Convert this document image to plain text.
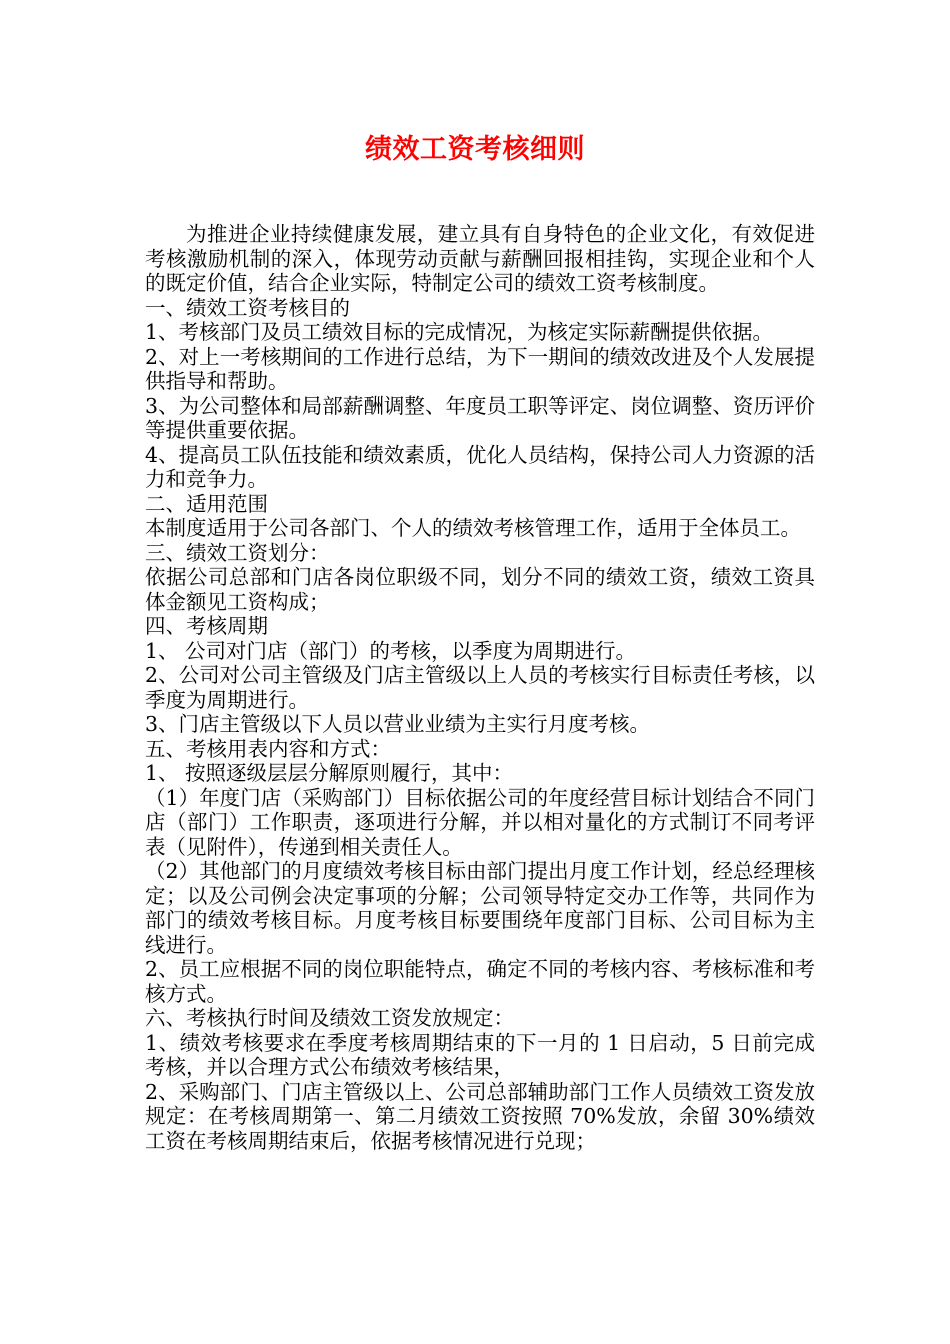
绩效工资考核细则

为推进企业持续健康发展，建立具有自身特色的企业文化，有效促进考核激励机制的深入，体现劳动贡献与薪酬回报相挂钩，实现企业和个人的既定价值，结合企业实际，特制定公司的绩效工资考核制度。

一、绩效工资考核目的

1、考核部门及员工绩效目标的完成情况，为核定实际薪酬提供依据。

2、对上一考核期间的工作进行总结，为下一期间的绩效改进及个人发展提供指导和帮助。

3、为公司整体和局部薪酬调整、年度员工职等评定、岗位调整、资历评价等提供重要依据。

4、提高员工队伍技能和绩效素质，优化人员结构，保持公司人力资源的活力和竞争力。

二、适用范围

本制度适用于公司各部门、个人的绩效考核管理工作，适用于全体员工。

三、绩效工资划分：

依据公司总部和门店各岗位职级不同，划分不同的绩效工资，绩效工资具体金额见工资构成；

四、考核周期

1、 公司对门店（部门）的考核，以季度为周期进行。

2、公司对公司主管级及门店主管级以上人员的考核实行目标责任考核，以季度为周期进行。

3、门店主管级以下人员以营业业绩为主实行月度考核。

五、考核用表内容和方式：

1、 按照逐级层层分解原则履行，其中：

（1）年度门店（采购部门）目标依据公司的年度经营目标计划结合不同门店（部门）工作职责，逐项进行分解，并以相对量化的方式制订不同考评表（见附件），传递到相关责任人。

（2）其他部门的月度绩效考核目标由部门提出月度工作计划，经总经理核定；以及公司例会决定事项的分解；公司领导特定交办工作等，共同作为部门的绩效考核目标。月度考核目标要围绕年度部门目标、公司目标为主线进行。

2、员工应根据不同的岗位职能特点，确定不同的考核内容、考核标准和考核方式。

六、考核执行时间及绩效工资发放规定：

1、绩效考核要求在季度考核周期结束的下一月的 1 日启动，5 日前完成考核，并以合理方式公布绩效考核结果，

2、采购部门、门店主管级以上、公司总部辅助部门工作人员绩效工资发放规定：在考核周期第一、第二月绩效工资按照 70%发放，余留 30%绩效工资在考核周期结束后，依据考核情况进行兑现；
